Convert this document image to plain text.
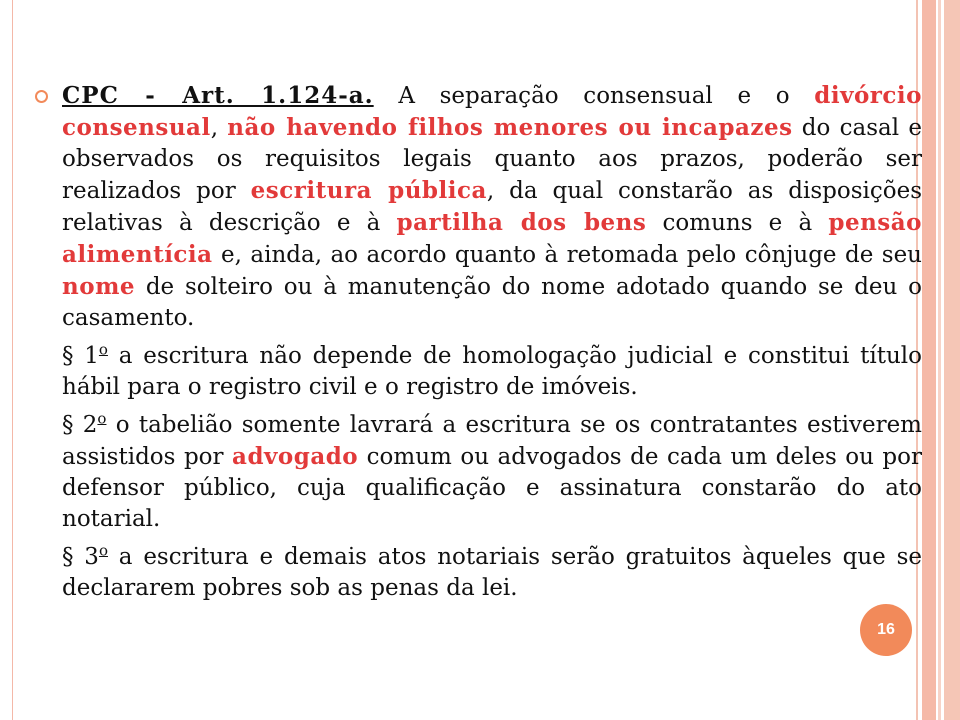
CPC - Art. 1.124-a. A separação consensual e o divórcio consensual, não havendo filhos menores ou incapazes do casal e observados os requisitos legais quanto aos prazos, poderão ser realizados por escritura pública, da qual constarão as disposições relativas à descrição e à partilha dos bens comuns e à pensão alimentícia e, ainda, ao acordo quanto à retomada pelo cônjuge de seu nome de solteiro ou à manutenção do nome adotado quando se deu o casamento.

§ 1$^o$ a escritura não depende de homologação judicial e constitui título hábil para o registro civil e o registro de imóveis.

§ 2$^o$ o tabelião somente lavrará a escritura se os contratantes estiverem assistidos por advogado comum ou advogados de cada um deles ou por defensor público, cuja qualificação e assinatura constarão do ato notarial.

§ 3$^o$ a escritura e demais atos notariais serão gratuitos àqueles que se declararem pobres sob as penas da lei.

16
